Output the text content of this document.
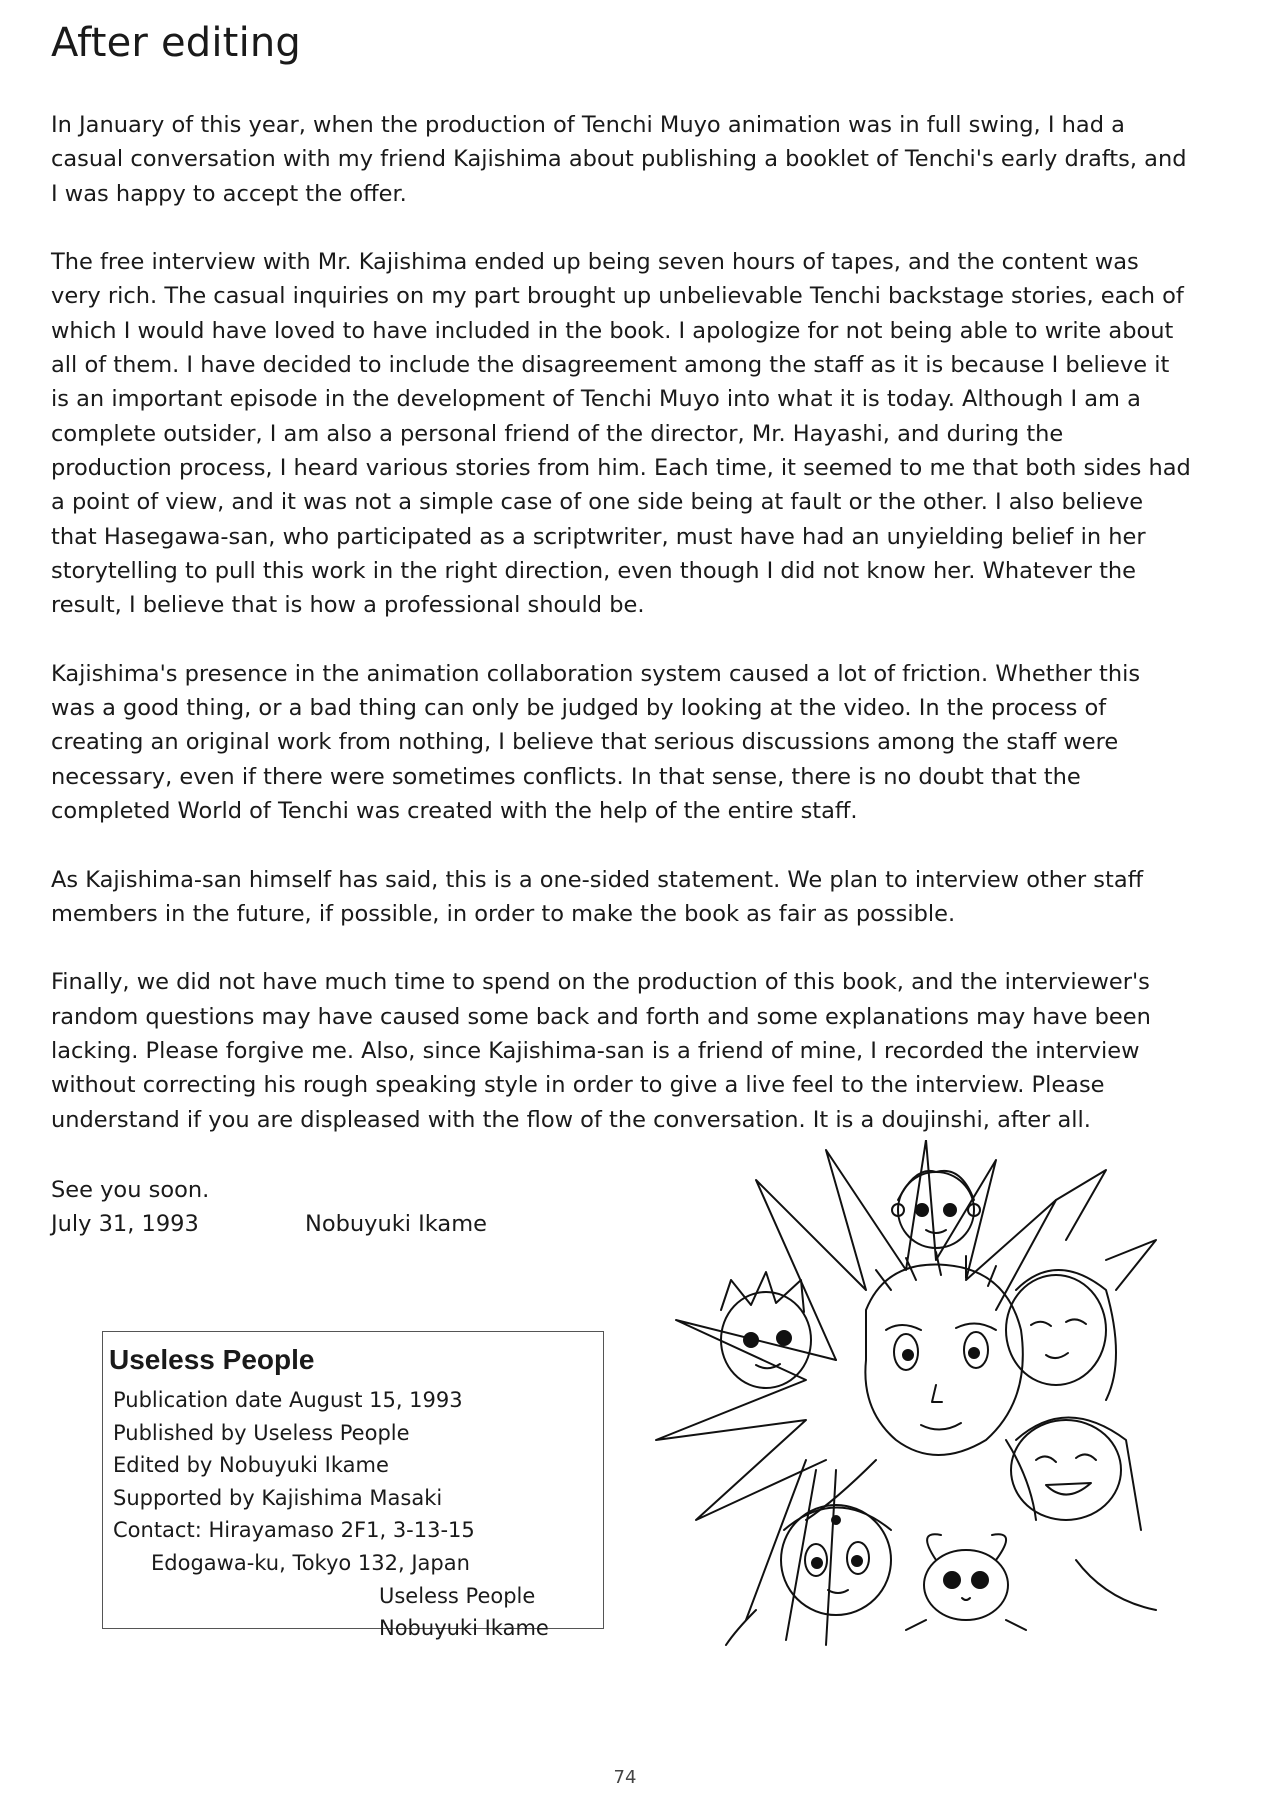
After editing

In January of this year, when the production of Tenchi Muyo animation was in full swing, I had a casual conversation with my friend Kajishima about publishing a booklet of Tenchi's early drafts, and I was happy to accept the offer.

The free interview with Mr. Kajishima ended up being seven hours of tapes, and the content was very rich. The casual inquiries on my part brought up unbelievable Tenchi backstage stories, each of which I would have loved to have included in the book. I apologize for not being able to write about all of them. I have decided to include the disagreement among the staff as it is because I believe it is an important episode in the development of Tenchi Muyo into what it is today. Although I am a complete outsider, I am also a personal friend of the director, Mr. Hayashi, and during the production process, I heard various stories from him. Each time, it seemed to me that both sides had a point of view, and it was not a simple case of one side being at fault or the other. I also believe that Hasegawa-san, who participated as a scriptwriter, must have had an unyielding belief in her storytelling to pull this work in the right direction, even though I did not know her. Whatever the result, I believe that is how a professional should be.

Kajishima's presence in the animation collaboration system caused a lot of friction. Whether this was a good thing, or a bad thing can only be judged by looking at the video. In the process of creating an original work from nothing, I believe that serious discussions among the staff were necessary, even if there were sometimes conflicts. In that sense, there is no doubt that the completed World of Tenchi was created with the help of the entire staff.

As Kajishima-san himself has said, this is a one-sided statement. We plan to interview other staff members in the future, if possible, in order to make the book as fair as possible.

Finally, we did not have much time to spend on the production of this book, and the interviewer's random questions may have caused some back and forth and some explanations may have been lacking. Please forgive me. Also, since Kajishima-san is a friend of mine, I recorded the interview without correcting his rough speaking style in order to give a live feel to the interview. Please understand if you are displeased with the flow of the conversation. It is a doujinshi, after all.

See you soon.
July 31, 1993	Nobuyuki Ikame
Useless People
Publication date August 15, 1993
Published by Useless People
Edited by Nobuyuki Ikame
Supported by Kajishima Masaki
Contact: Hirayamaso 2F1, 3-13-15
Edogawa-ku, Tokyo 132, Japan
Useless People
Nobuyuki Ikame
74
